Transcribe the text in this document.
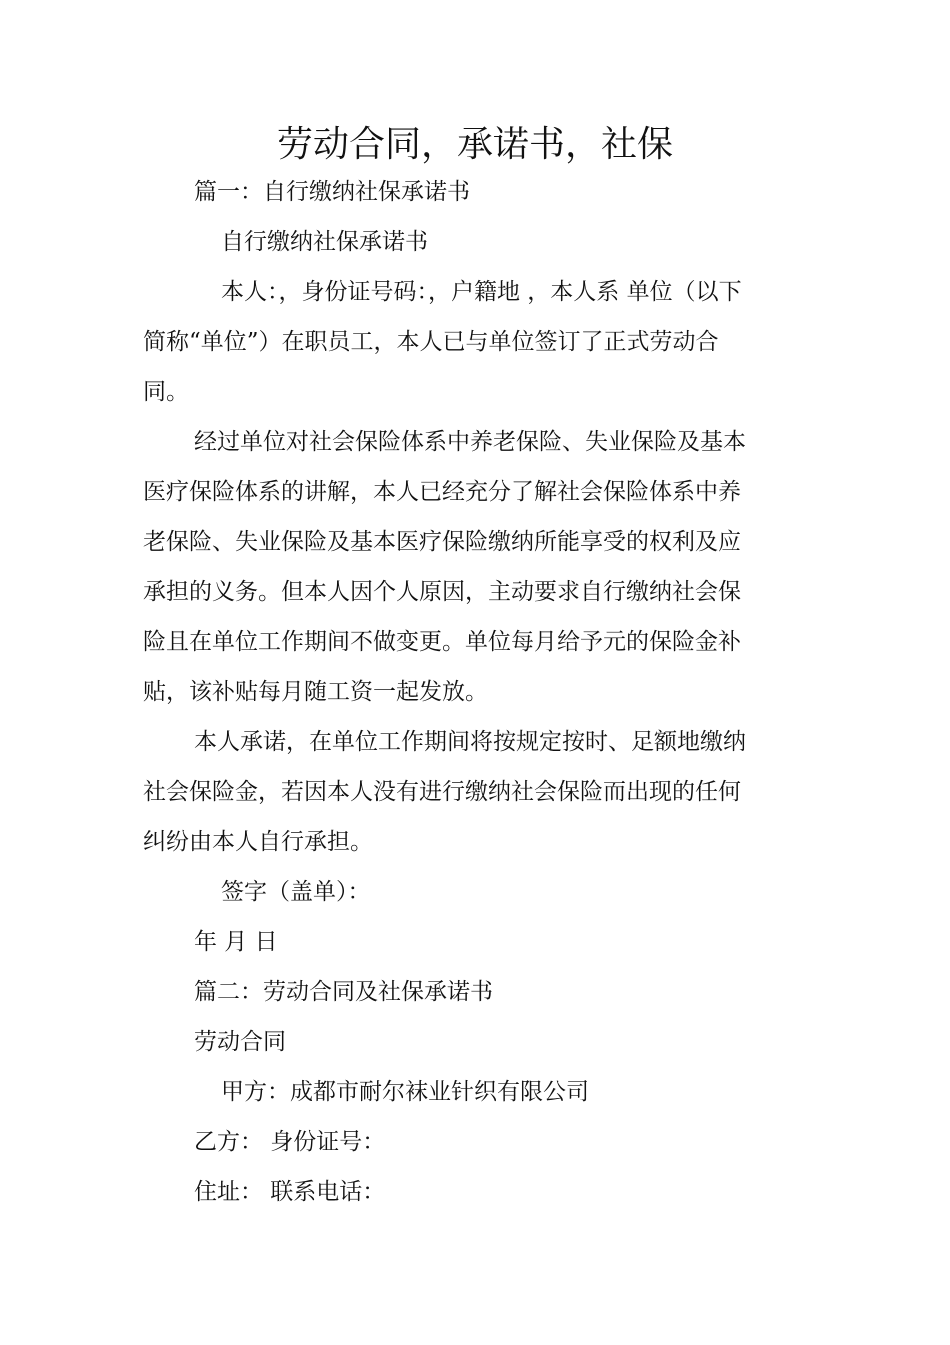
劳动合同，承诺书，社保

篇一：自行缴纳社保承诺书

自行缴纳社保承诺书

本人：，身份证号码：，户籍地 ，本人系 单位（以下

简称“单位”）在职员工，本人已与单位签订了正式劳动合

同。

经过单位对社会保险体系中养老保险、失业保险及基本

医疗保险体系的讲解，本人已经充分了解社会保险体系中养

老保险、失业保险及基本医疗保险缴纳所能享受的权利及应

承担的义务。但本人因个人原因，主动要求自行缴纳社会保

险且在单位工作期间不做变更。单位每月给予元的保险金补

贴，该补贴每月随工资一起发放。

本人承诺，在单位工作期间将按规定按时、足额地缴纳

社会保险金，若因本人没有进行缴纳社会保险而出现的任何

纠纷由本人自行承担。

签字（盖单）：

年 月 日

篇二：劳动合同及社保承诺书

劳动合同

甲方：成都市耐尔袜业针织有限公司

乙方： 身份证号：

住址： 联系电话：
